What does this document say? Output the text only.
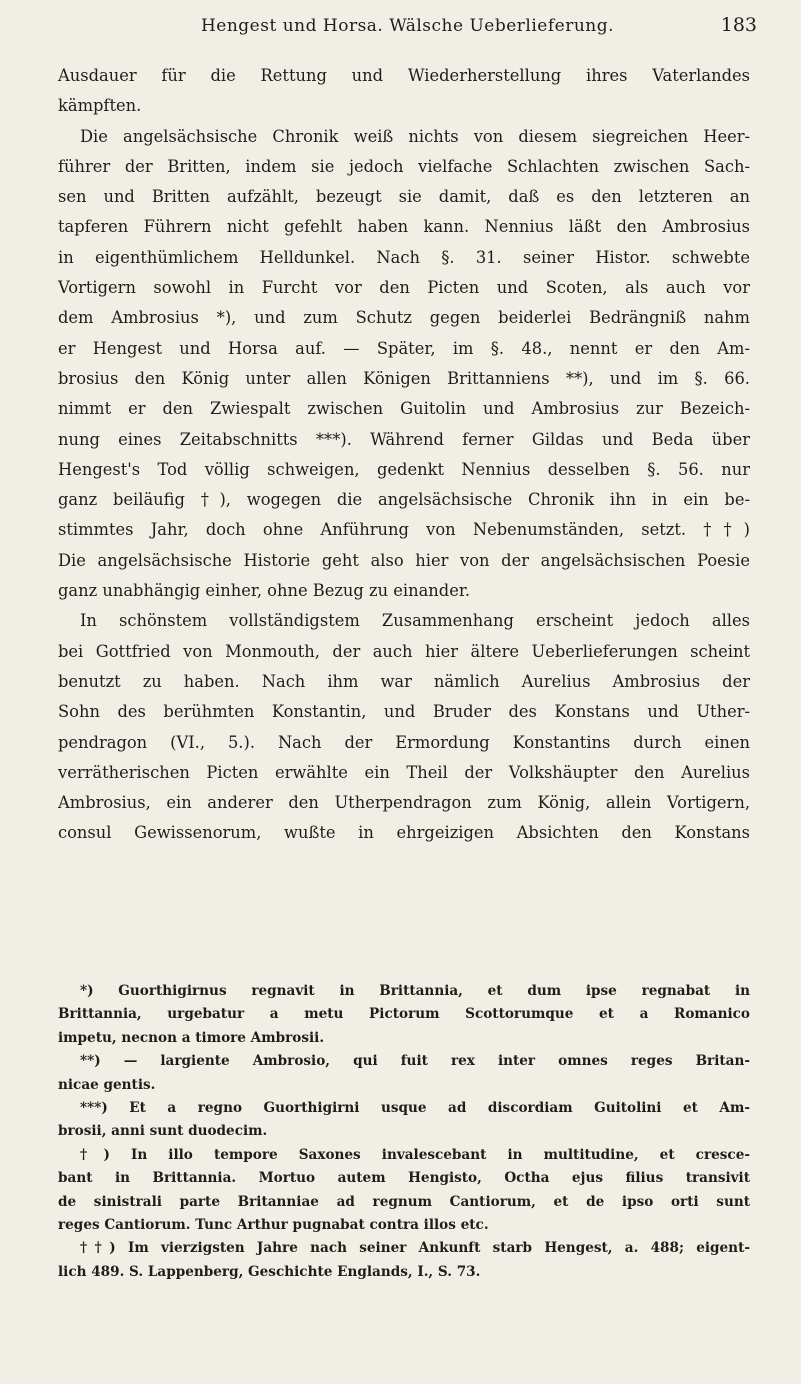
Hengest und Horsa. Wälsche Ueberlieferung.	183
Ausdauer für die Rettung und Wiederherstellung ihres Vaterlandes
kämpften.
Die angelsächsische Chronik weiß nichts von diesem siegreichen Heer-
führer der Britten, indem sie jedoch vielfache Schlachten zwischen Sach-
sen und Britten aufzählt, bezeugt sie damit, daß es den letzteren an
tapferen Führern nicht gefehlt haben kann. Nennius läßt den Ambrosius
in eigenthümlichem Helldunkel. Nach §. 31. seiner Histor. schwebte
Vortigern sowohl in Furcht vor den Picten und Scoten, als auch vor
dem Ambrosius *), und zum Schutz gegen beiderlei Bedrängniß nahm
er Hengest und Horsa auf. — Später, im §. 48., nennt er den Am-
brosius den König unter allen Königen Brittanniens **), und im §. 66.
nimmt er den Zwiespalt zwischen Guitolin und Ambrosius zur Bezeich-
nung eines Zeitabschnitts ***). Während ferner Gildas und Beda über
Hengest's Tod völlig schweigen, gedenkt Nennius desselben §. 56. nur
ganz beiläufig †), wogegen die angelsächsische Chronik ihn in ein be-
stimmtes Jahr, doch ohne Anführung von Nebenumständen, setzt. ††)
Die angelsächsische Historie geht also hier von der angelsächsischen Poesie
ganz unabhängig einher, ohne Bezug zu einander.
In schönstem vollständigstem Zusammenhang erscheint jedoch alles
bei Gottfried von Monmouth, der auch hier ältere Ueberlieferungen scheint
benutzt zu haben. Nach ihm war nämlich Aurelius Ambrosius der
Sohn des berühmten Konstantin, und Bruder des Konstans und Uther-
pendragon (VI., 5.). Nach der Ermordung Konstantins durch einen
verrätherischen Picten erwählte ein Theil der Volkshäupter den Aurelius
Ambrosius, ein anderer den Utherpendragon zum König, allein Vortigern,
consul Gewissenorum, wußte in ehrgeizigen Absichten den Konstans
*) Guorthigirnus regnavit in Brittannia, et dum ipse regnabat in
Brittannia, urgebatur a metu Pictorum Scottorumque et a Romanico
impetu, necnon a timore Ambrosii.
**) — largiente Ambrosio, qui fuit rex inter omnes reges Britan-
nicae gentis.
***) Et a regno Guorthigirni usque ad discordiam Guitolini et Am-
brosii, anni sunt duodecim.
†) In illo tempore Saxones invalescebant in multitudine, et cresce-
bant in Brittannia. Mortuo autem Hengisto, Octha ejus filius transivit
de sinistrali parte Britanniae ad regnum Cantiorum, et de ipso orti sunt
reges Cantiorum. Tunc Arthur pugnabat contra illos etc.
††) Im vierzigsten Jahre nach seiner Ankunft starb Hengest, a. 488; eigent-
lich 489. S. Lappenberg, Geschichte Englands, I., S. 73.
